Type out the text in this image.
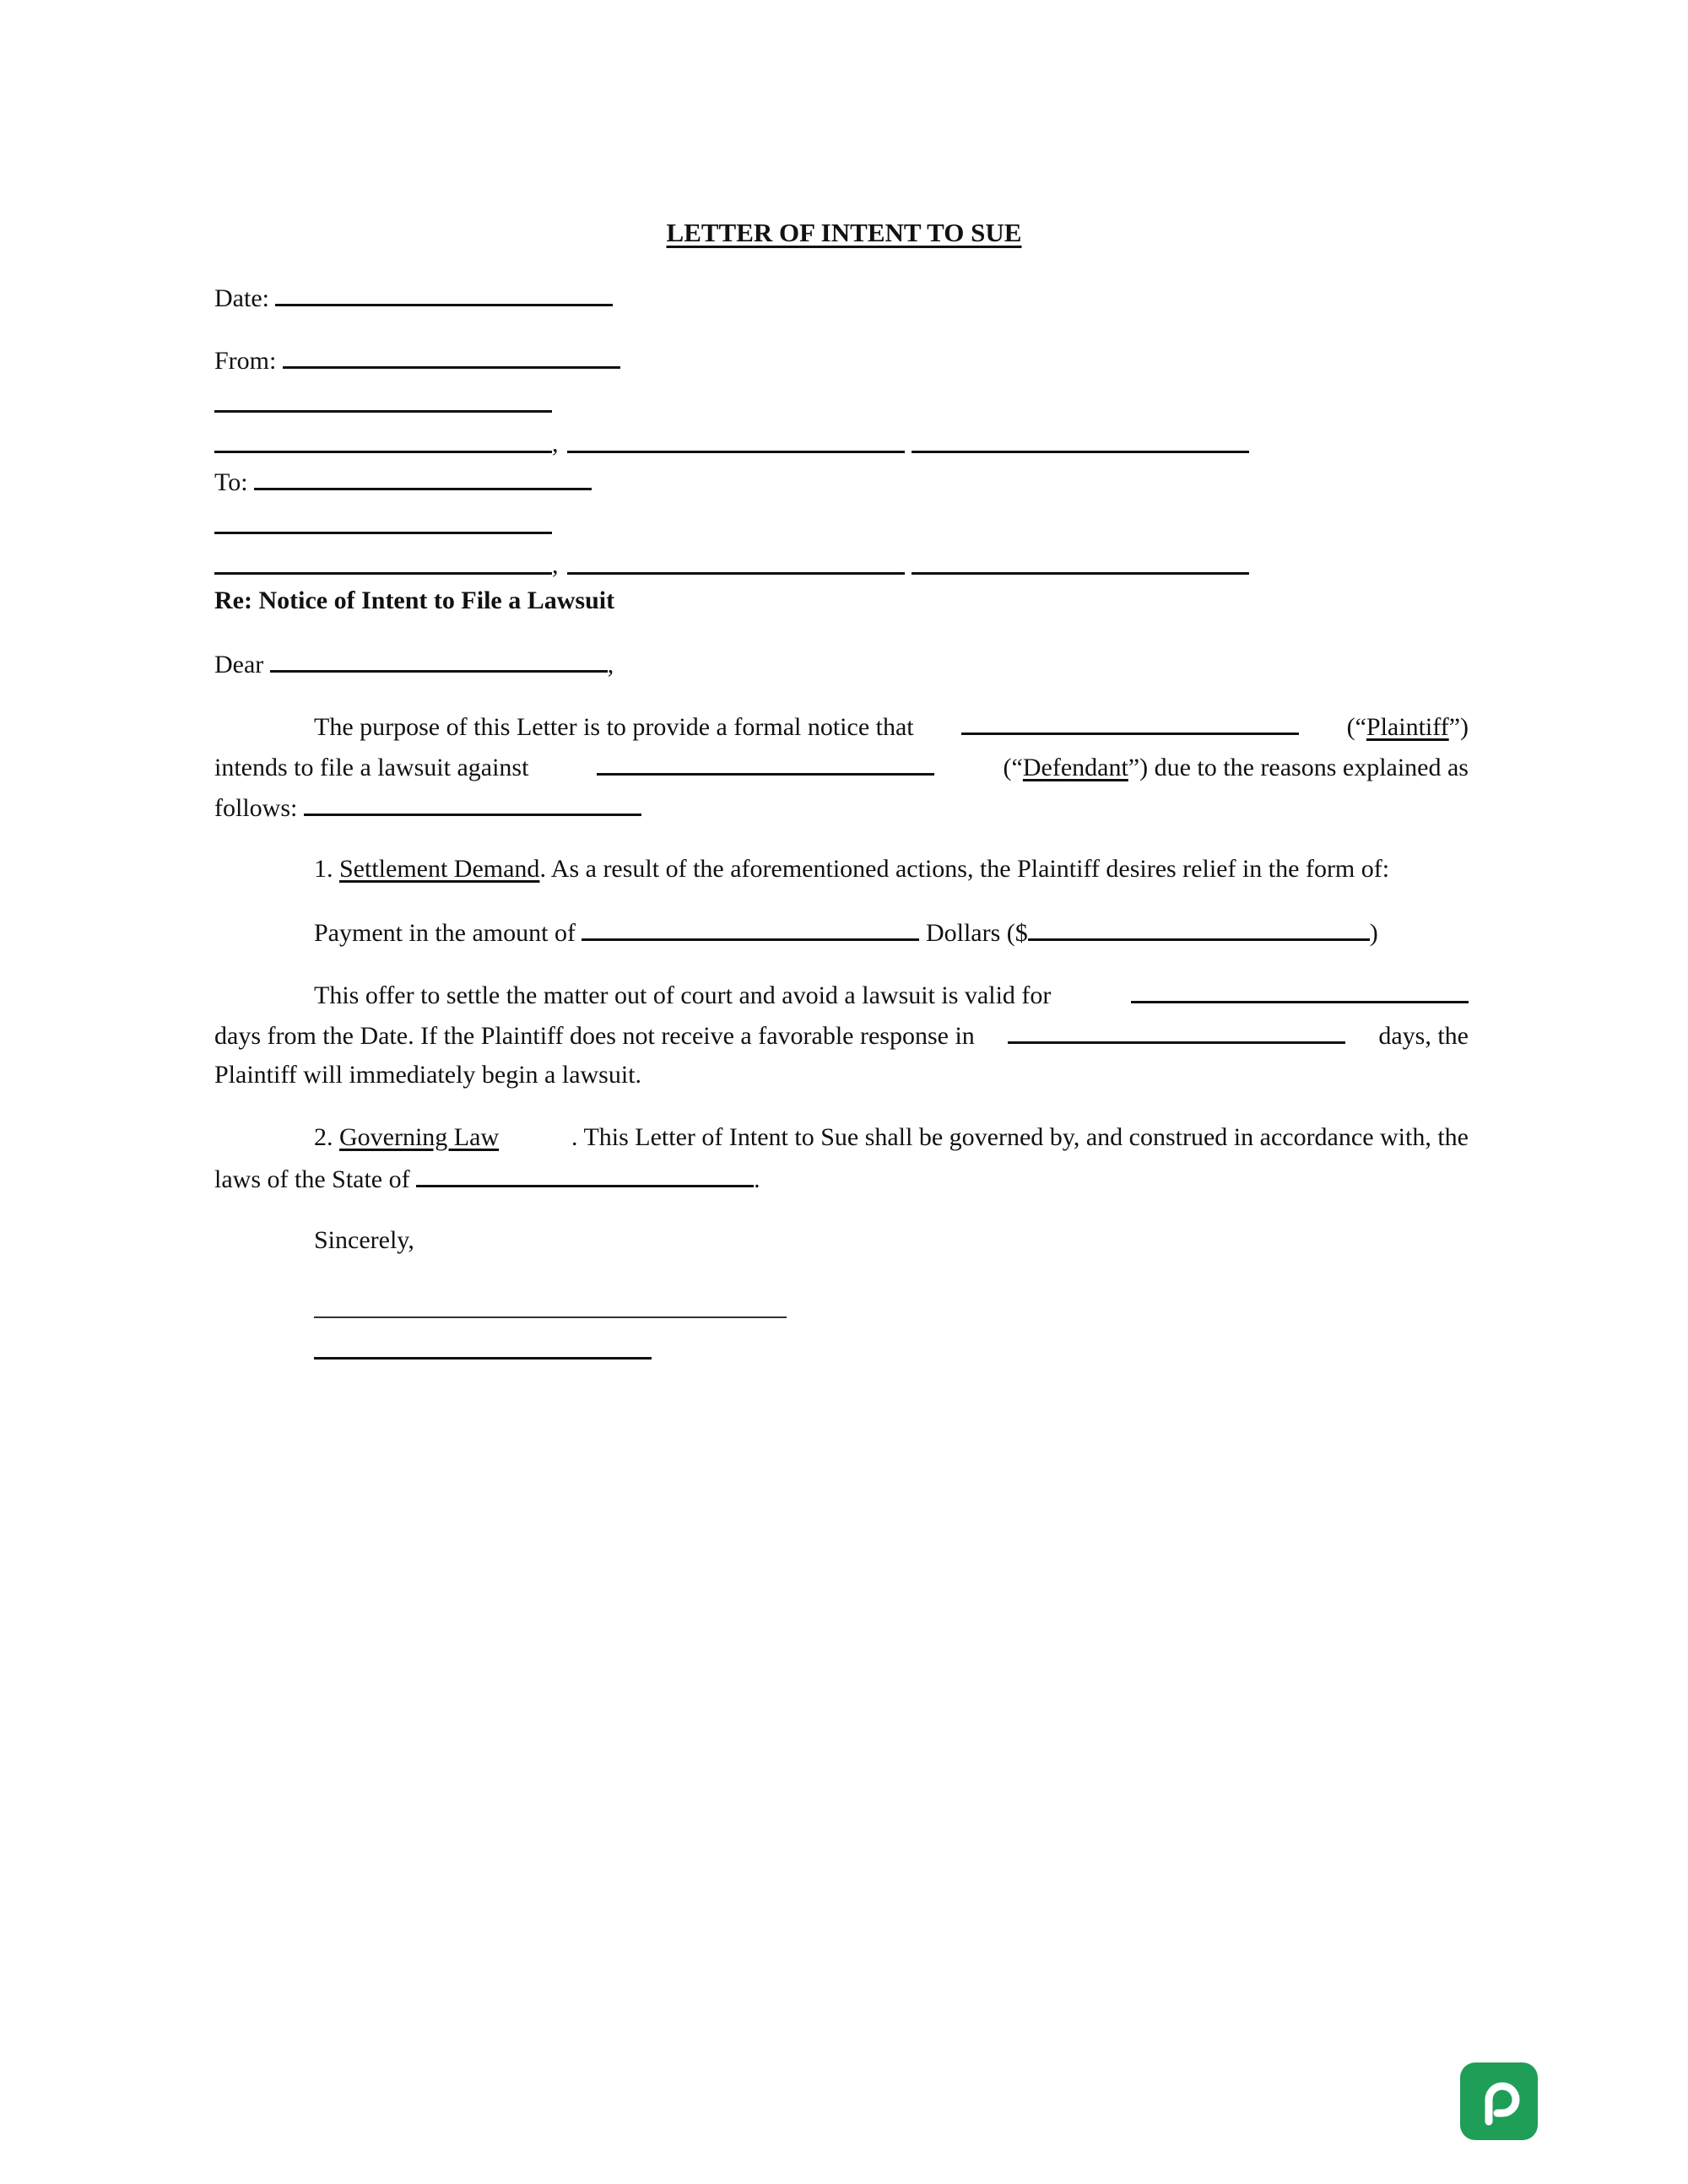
LETTER OF INTENT TO SUE
Date:
From:
,
To:
,
Re: Notice of Intent to File a Lawsuit
Dear	,
The purpose of this Letter is to provide a formal notice that	(“Plaintiff”)
intends to file a lawsuit against	(“Defendant”) due to the reasons explained as
follows:
1. Settlement Demand. As a result of the aforementioned actions, the Plaintiff desires relief in the form of:
Payment in the amount of	Dollars ($	)
This offer to settle the matter out of court and avoid a lawsuit is valid for
days from the Date. If the Plaintiff does not receive a favorable response in	days, the
Plaintiff will immediately begin a lawsuit.
2. Governing Law	. This Letter of Intent to Sue shall be governed by, and construed in accordance with, the
laws of the State of	.
Sincerely,
